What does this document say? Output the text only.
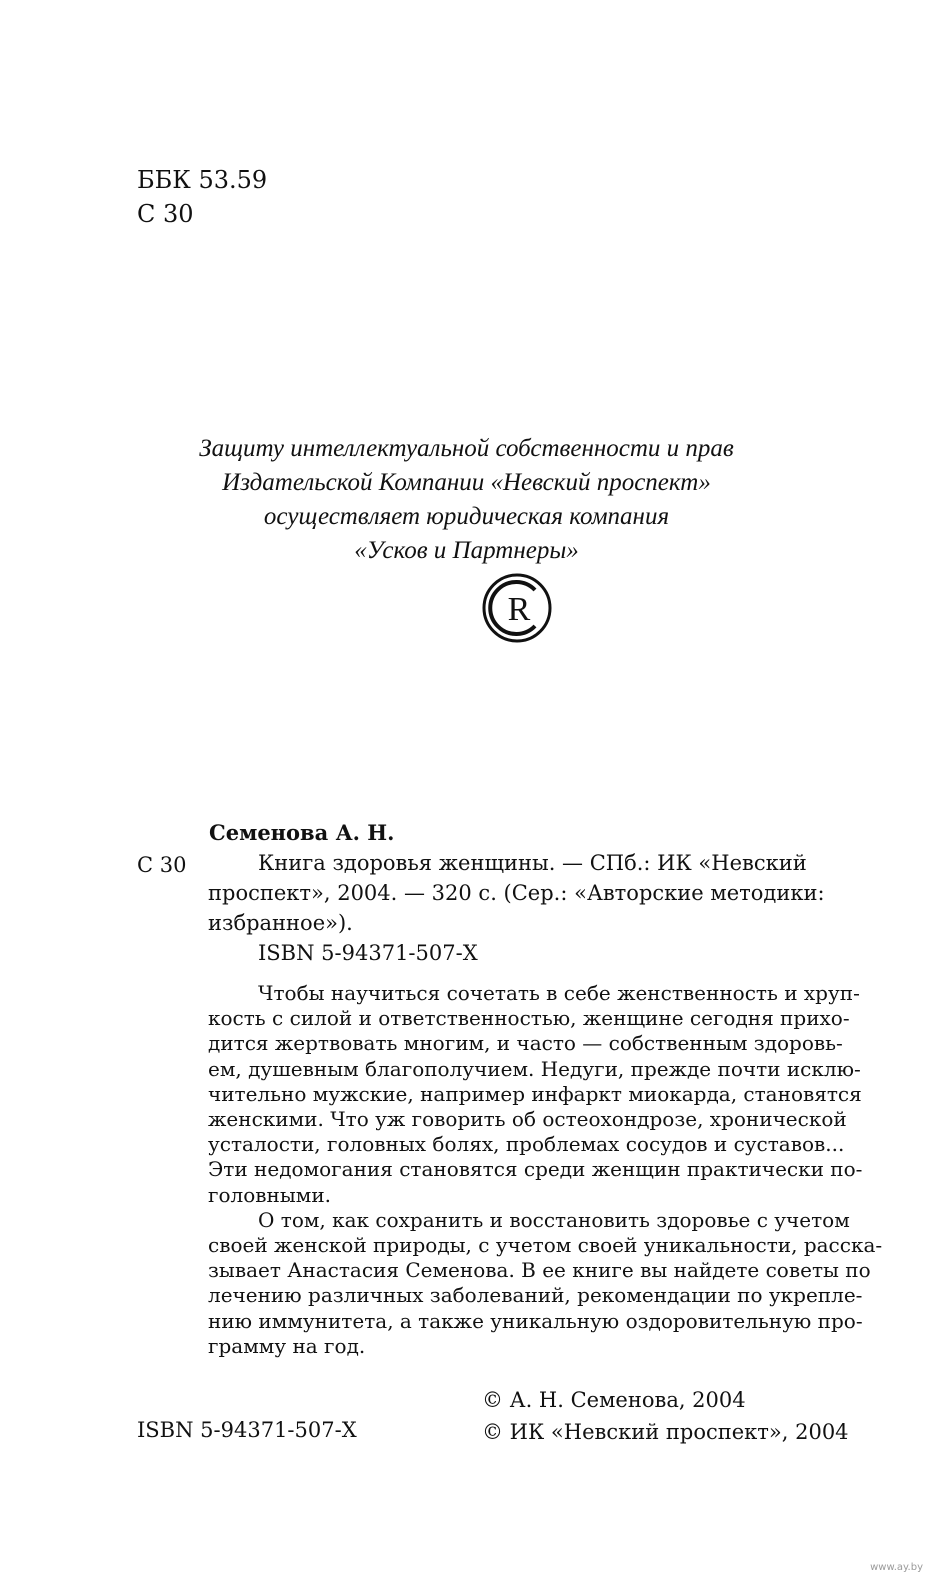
ББК 53.59
С 30
Защиту интеллектуальной собственности и прав
Издательской Компании «Невский проспект»
осуществляет юридическая компания
«Усков и Партнеры»
R
Семенова А. Н.
С 30	Книга здоровья женщины. — СПб.: ИК «Невский
проспект», 2004. — 320 с. (Сер.: «Авторские методики:
избранное»).
ISBN 5-94371-507-Х
Чтобы научиться сочетать в себе женственность и хруп-
кость с силой и ответственностью, женщине сегодня прихо-
дится жертвовать многим, и часто — собственным здоровь-
ем, душевным благополучием. Недуги, прежде почти исклю-
чительно мужские, например инфаркт миокарда, становятся
женскими. Что уж говорить об остеохондрозе, хронической
усталости, головных болях, проблемах сосудов и суставов...
Эти недомогания становятся среди женщин практически по-
головными.
О том, как сохранить и восстановить здоровье с учетом
своей женской природы, с учетом своей уникальности, расска-
зывает Анастасия Семенова. В ее книге вы найдете советы по
лечению различных заболеваний, рекомендации по укрепле-
нию иммунитета, а также уникальную оздоровительную про-
грамму на год.
ISBN 5-94371-507-Х
© А. Н. Семенова, 2004
© ИК «Невский проспект», 2004
www.ay.by
